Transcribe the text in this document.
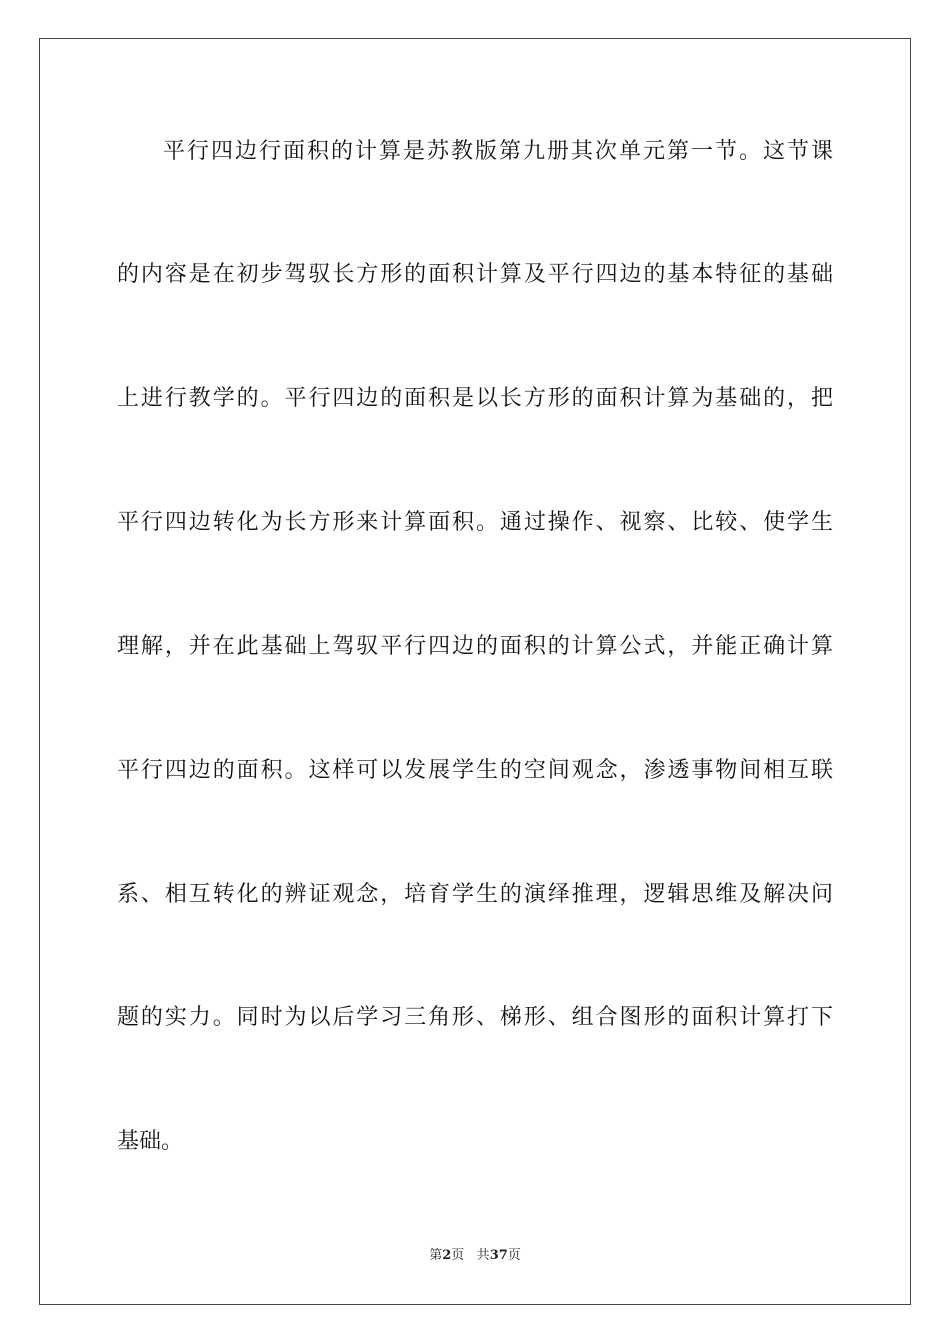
平行四边行面积的计算是苏教版第九册其次单元第一节。这节课
的内容是在初步驾驭长方形的面积计算及平行四边的基本特征的基础
上进行教学的。平行四边的面积是以长方形的面积计算为基础的，把
平行四边转化为长方形来计算面积。通过操作、视察、比较、使学生
理解，并在此基础上驾驭平行四边的面积的计算公式，并能正确计算
平行四边的面积。这样可以发展学生的空间观念，渗透事物间相互联
系、相互转化的辨证观念，培育学生的演绎推理，逻辑思维及解决问
题的实力。同时为以后学习三角形、梯形、组合图形的面积计算打下
基础。
第2页 共37页
